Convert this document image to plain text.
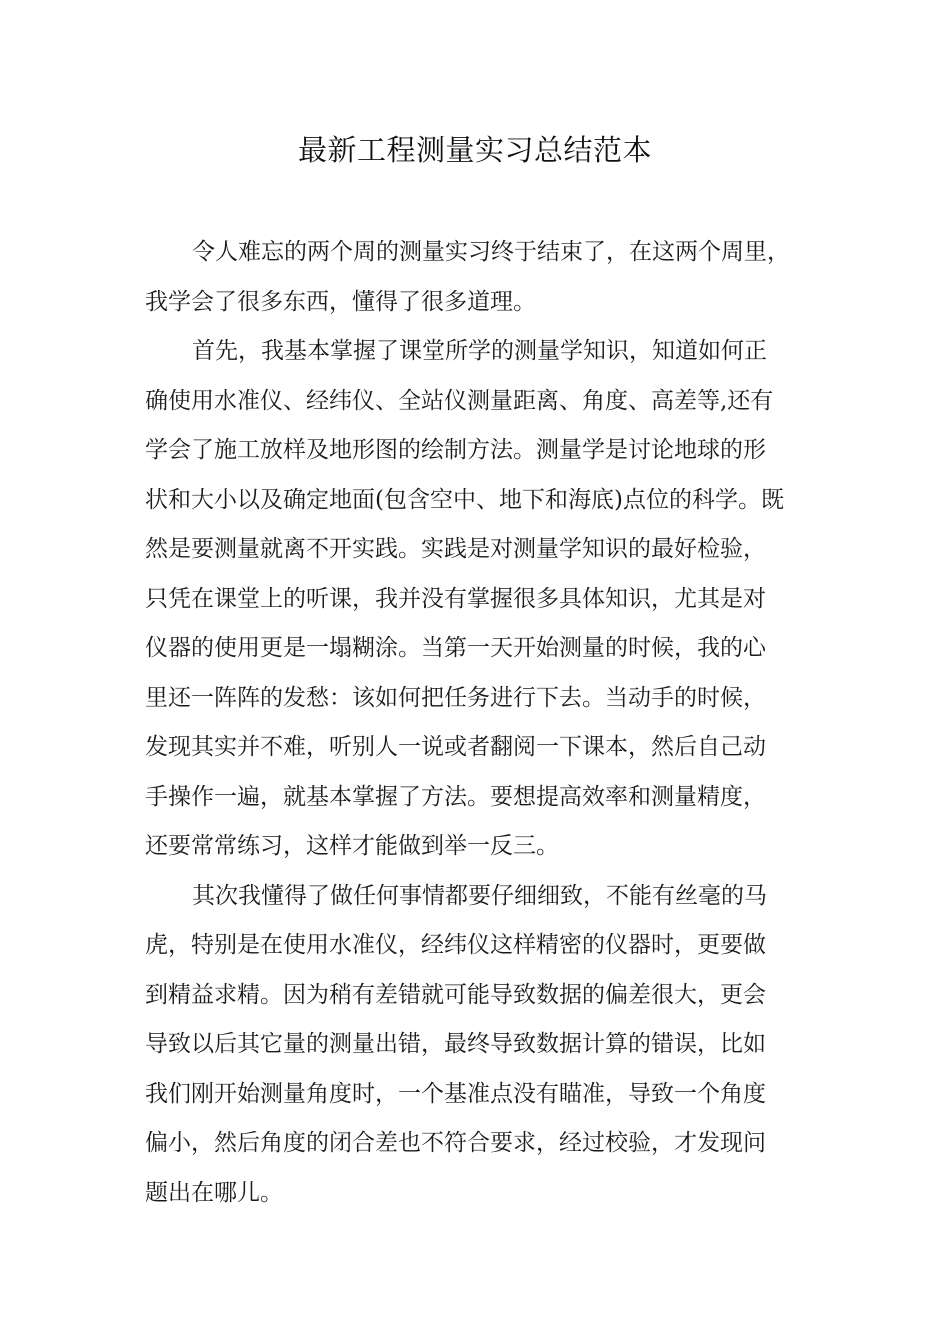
最新工程测量实习总结范本
令人难忘的两个周的测量实习终于结束了，在这两个周里，
我学会了很多东西，懂得了很多道理。
首先，我基本掌握了课堂所学的测量学知识，知道如何正
确使用水准仪、经纬仪、全站仪测量距离、角度、高差等,还有
学会了施工放样及地形图的绘制方法。测量学是讨论地球的形
状和大小以及确定地面(包含空中、地下和海底)点位的科学。既
然是要测量就离不开实践。实践是对测量学知识的最好检验，
只凭在课堂上的听课，我并没有掌握很多具体知识，尤其是对
仪器的使用更是一塌糊涂。当第一天开始测量的时候，我的心
里还一阵阵的发愁：该如何把任务进行下去。当动手的时候，
发现其实并不难，听别人一说或者翻阅一下课本，然后自己动
手操作一遍，就基本掌握了方法。要想提高效率和测量精度，
还要常常练习，这样才能做到举一反三。
其次我懂得了做任何事情都要仔细细致，不能有丝毫的马
虎，特别是在使用水准仪，经纬仪这样精密的仪器时，更要做
到精益求精。因为稍有差错就可能导致数据的偏差很大，更会
导致以后其它量的测量出错，最终导致数据计算的错误，比如
我们刚开始测量角度时，一个基准点没有瞄准，导致一个角度
偏小，然后角度的闭合差也不符合要求，经过校验，才发现问
题出在哪儿。
